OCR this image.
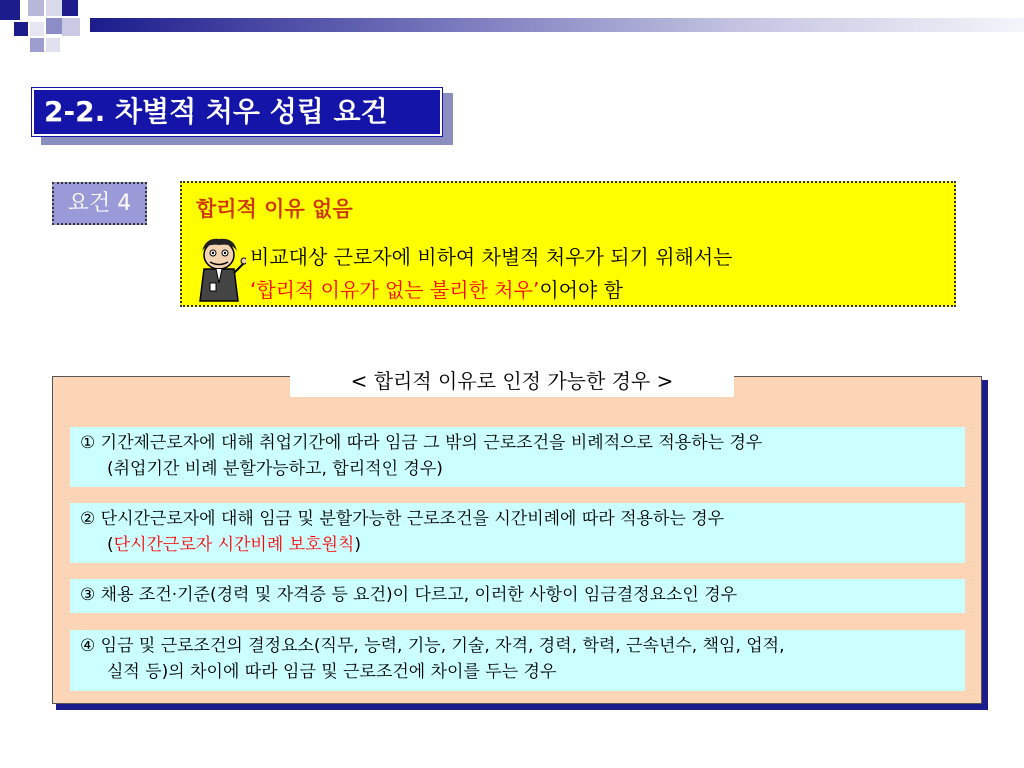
2-2. 차별적 처우 성립 요건
요건 4	합리적 이유 없음
비교대상 근로자에 비하여 차별적 처우가 되기 위해서는
‘합리적 이유가 없는 불리한 처우’이어야 함
< 합리적 이유로 인정 가능한 경우 >
① 기간제근로자에 대해 취업기간에 따라 임금 그 밖의 근로조건을 비례적으로 적용하는 경우
(취업기간 비례 분할가능하고, 합리적인 경우)
② 단시간근로자에 대해 임금 및 분할가능한 근로조건을 시간비례에 따라 적용하는 경우
(단시간근로자 시간비례 보호원칙)
③ 채용 조건·기준(경력 및 자격증 등 요건)이 다르고, 이러한 사항이 임금결정요소인 경우
④ 임금 및 근로조건의 결정요소(직무, 능력, 기능, 기술, 자격, 경력, 학력, 근속년수, 책임, 업적,
실적 등)의 차이에 따라 임금 및 근로조건에 차이를 두는 경우
